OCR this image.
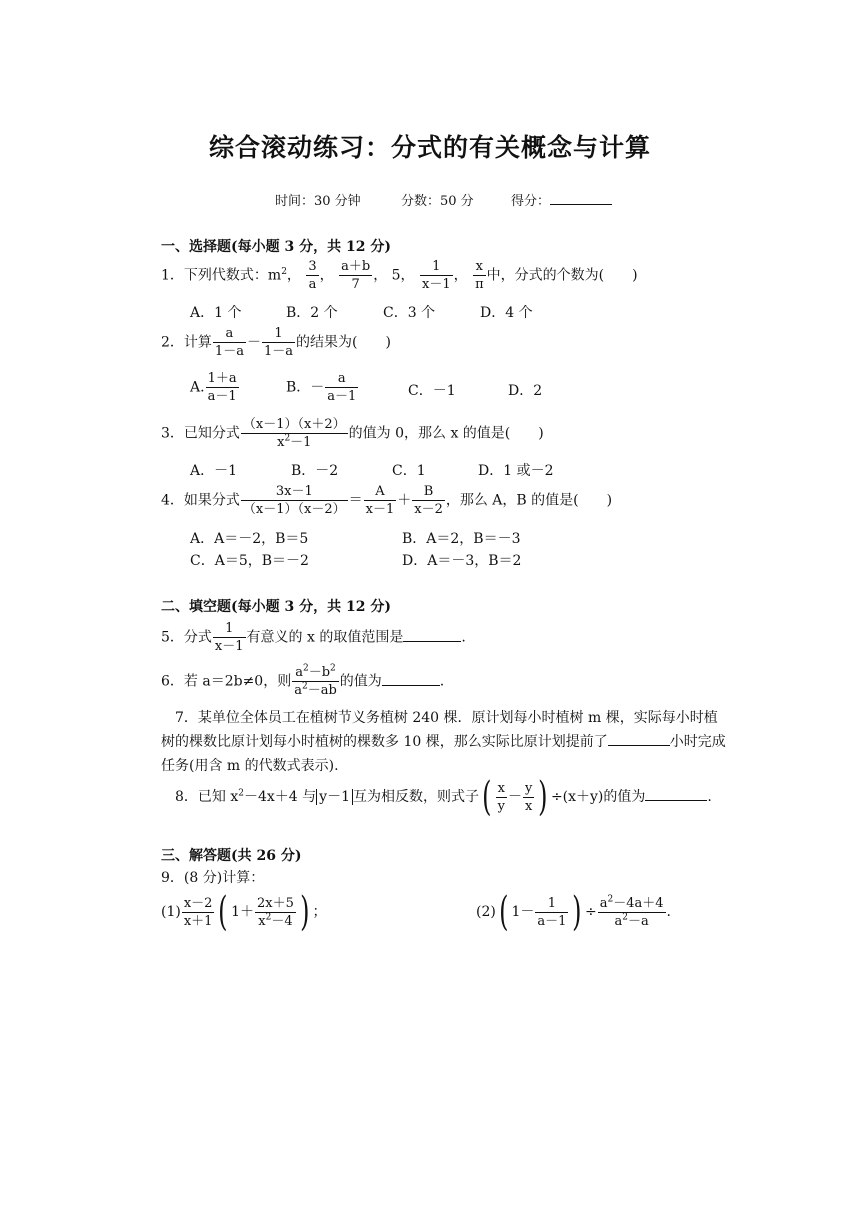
综合滚动练习：分式的有关概念与计算
时间：30 分钟	分数：50 分	得分：
一、选择题(每小题 3 分，共 12 分)
1．下列代数式：$m^2$， $\frac{3}{a}$ ， $\frac{a+b}{7}$ ， 5， $\frac{1}{x-1}$ ， $\frac{x}{\pi}$ 中，分式的个数为(　　)
A．1 个	B．2 个	C．3 个	D．4 个
2．计算 $\frac{a}{1-a} - \frac{1}{1-a}$ 的结果为(　　)
A. $\frac{1+a}{a-1}$	B．－ $\frac{a}{a-1}$	C．－1	D．2
3．已知分式 $\frac{(x-1)(x+2)}{x^2-1}$ 的值为 0，那么 x 的值是(　　)
A．－1	B．－2	C．1	D．1 或－2
4．如果分式 $\frac{3x-1}{(x-1)(x-2)} = \frac{A}{x-1} + \frac{B}{x-2}$ ，那么 A，B 的值是(　　)
A．A＝－2，B＝5	B．A＝2，B＝－3
C．A＝5，B＝－2	D．A＝－3，B＝2
二、填空题(每小题 3 分，共 12 分)
5．分式 $\frac{1}{x-1}$ 有意义的 x 的取值范围是	.
6．若 a＝2b≠0，则 $\frac{a^2-b^2}{a^2-ab}$ 的值为	.
7．某单位全体员工在植树节义务植树 240 棵．原计划每小时植树 m 棵，实际每小时植
树的棵数比原计划每小时植树的棵数多 10 棵，那么实际比原计划提前了	小时完成
任务(用含 m 的代数式表示).
8．已知 $x^2-4x+4$ 与 y－1 互为相反数，则式子( $\frac{x}{y} - \frac{y}{x}$ ) ÷(x＋y)的值为	.
三、解答题(共 26 分)
9．(8 分)计算：
$(1) \frac{x-2}{x+1}$ ( $1+ \frac{2x+5}{x^2-4}$ ) ；	(2)( $1- \frac{1}{a-1}$ ) ÷ $\frac{a^2-4a+4}{a^2-a}$ .
